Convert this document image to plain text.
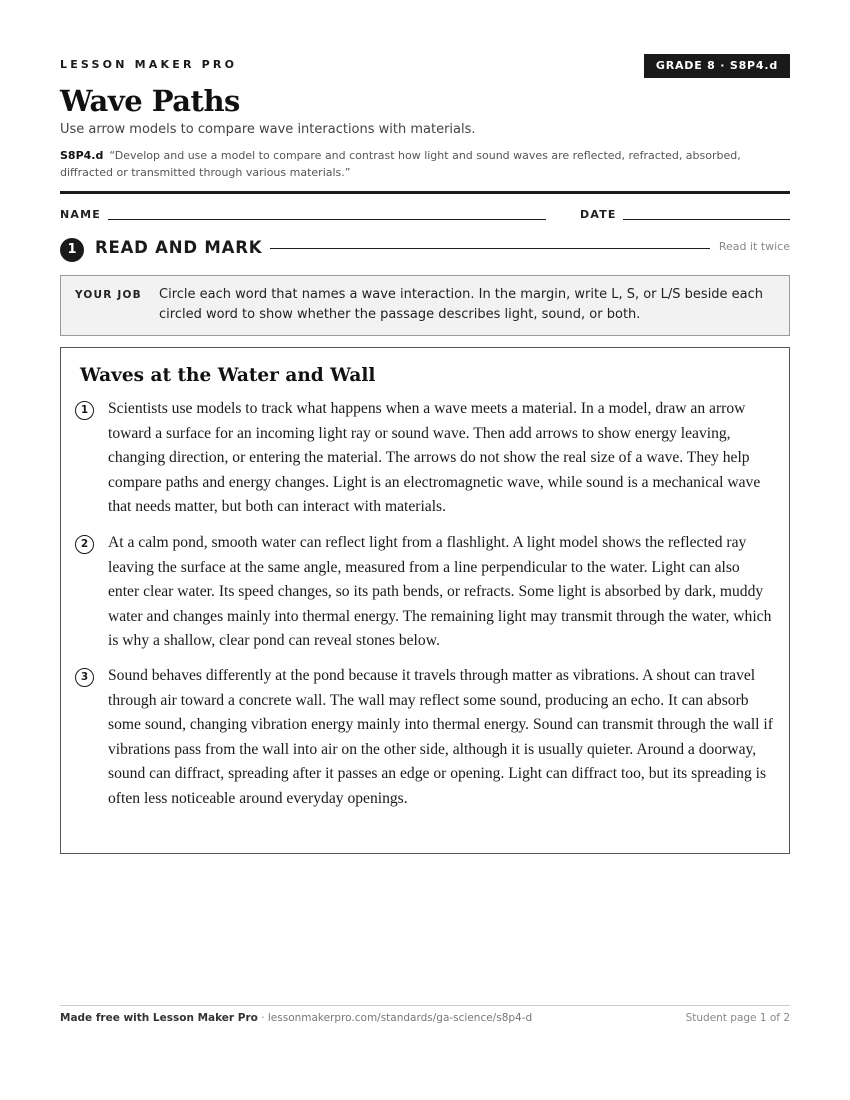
LESSON MAKER PRO	GRADE 8 · S8P4.d
Wave Paths
Use arrow models to compare wave interactions with materials.
S8P4.d “Develop and use a model to compare and contrast how light and sound waves are reflected, refracted, absorbed, diffracted or transmitted through various materials.”
NAME	DATE
1	READ AND MARK	Read it twice
YOUR JOB Circle each word that names a wave interaction. In the margin, write L, S, or L/S beside each circled word to show whether the passage describes light, sound, or both.
Waves at the Water and Wall
1	Scientists use models to track what happens when a wave meets a material. In a model, draw an arrow toward a surface for an incoming light ray or sound wave. Then add arrows to show energy leaving, changing direction, or entering the material. The arrows do not show the real size of a wave. They help compare paths and energy changes. Light is an electromagnetic wave, while sound is a mechanical wave that needs matter, but both can interact with materials.
2	At a calm pond, smooth water can reflect light from a flashlight. A light model shows the reflected ray leaving the surface at the same angle, measured from a line perpendicular to the water. Light can also enter clear water. Its speed changes, so its path bends, or refracts. Some light is absorbed by dark, muddy water and changes mainly into thermal energy. The remaining light may transmit through the water, which is why a shallow, clear pond can reveal stones below.
3	Sound behaves differently at the pond because it travels through matter as vibrations. A shout can travel through air toward a concrete wall. The wall may reflect some sound, producing an echo. It can absorb some sound, changing vibration energy mainly into thermal energy. Sound can transmit through the wall if vibrations pass from the wall into air on the other side, although it is usually quieter. Around a doorway, sound can diffract, spreading after it passes an edge or opening. Light can diffract too, but its spreading is often less noticeable around everyday openings.
Made free with Lesson Maker Pro · lessonmakerpro.com/standards/ga-science/s8p4-d	Student page 1 of 2
